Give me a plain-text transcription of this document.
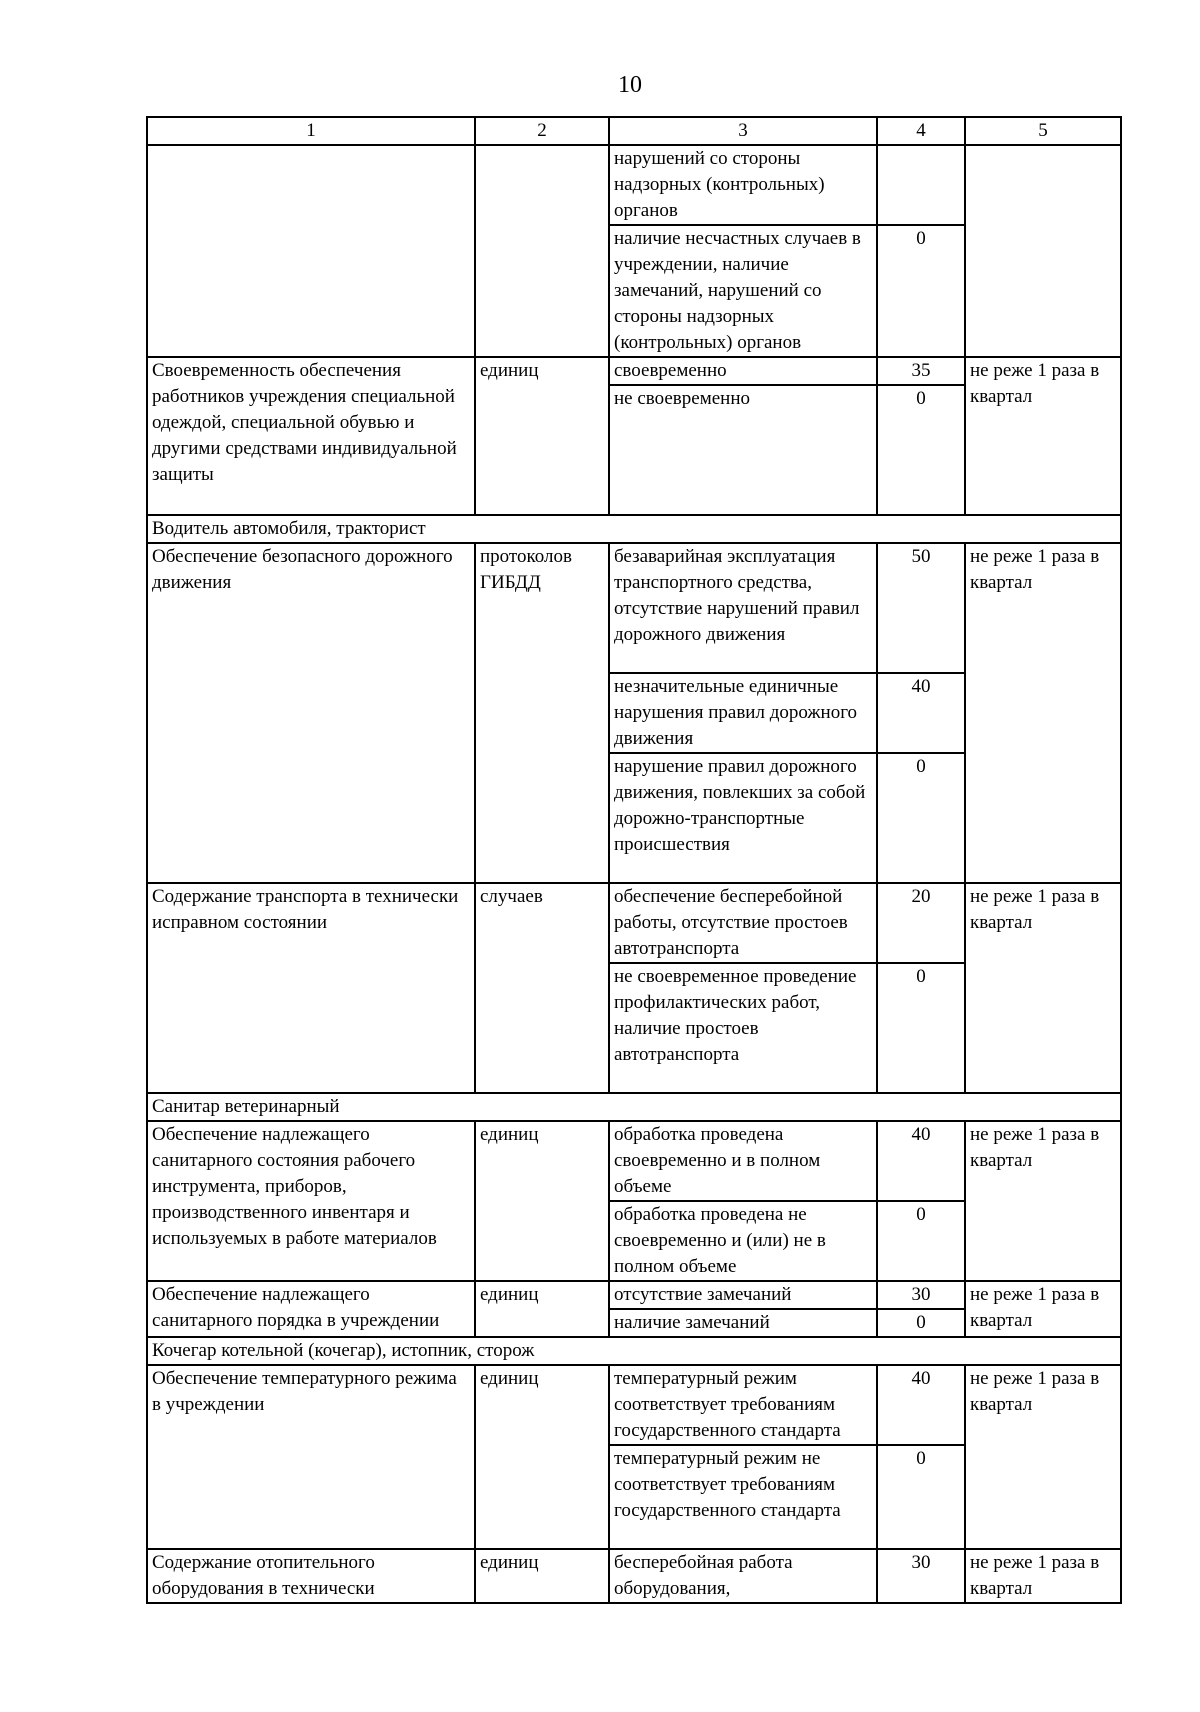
10
1	2	3	4	5
		нарушений со стороны надзорных (контрольных) органов		
		наличие несчастных случаев в учреждении, наличие замечаний, нарушений со стороны надзорных (контрольных) органов	0	
Своевременность обеспечения работников учреждения специальной одеждой, специальной обувью и другими средствами индивидуальной защиты	единиц	своевременно	35	не реже 1 раза в квартал
		не своевременно	0	
Водитель автомобиля, тракторист				
Обеспечение безопасного дорожного движения	протоколов ГИБДД	безаварийная эксплуатация транспортного средства, отсутствие нарушений правил дорожного движения	50	не реже 1 раза в квартал
		незначительные единичные нарушения правил дорожного движения	40	
		нарушение правил дорожного движения, повлекших за собой дорожно-транспортные происшествия	0	
Содержание транспорта в технически исправном состоянии	случаев	обеспечение бесперебойной работы, отсутствие простоев автотранспорта	20	не реже 1 раза в квартал
		не своевременное проведение профилактических работ, наличие простоев автотранспорта	0	
Санитар ветеринарный				
Обеспечение надлежащего санитарного состояния рабочего инструмента, приборов, производственного инвентаря и используемых в работе материалов	единиц	обработка проведена своевременно и в полном объеме	40	не реже 1 раза в квартал
		обработка проведена не своевременно и (или) не в полном объеме	0	
Обеспечение надлежащего санитарного порядка в учреждении	единиц	отсутствие замечаний	30	не реже 1 раза в квартал
		наличие замечаний	0	
Кочегар котельной (кочегар), истопник, сторож				
Обеспечение температурного режима в учреждении	единиц	температурный режим соответствует требованиям государственного стандарта	40	не реже 1 раза в квартал
		температурный режим не соответствует требованиям государственного стандарта	0	
Содержание отопительного оборудования в технически	единиц	бесперебойная работа оборудования,	30	не реже 1 раза в квартал
